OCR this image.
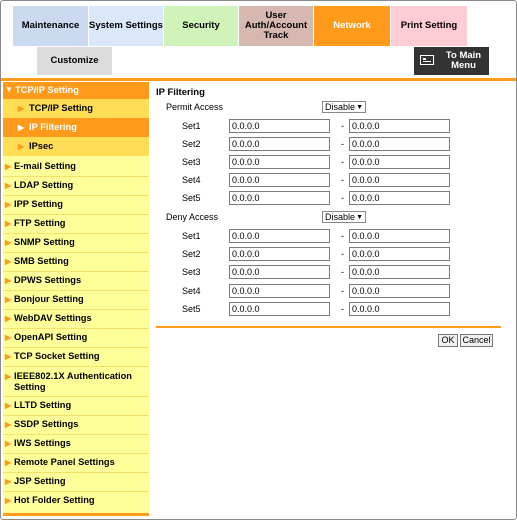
Maintenance System Settings Security
User
Auth/Account
Track
Network	Print Setting
Customize	To Main
Menu
▼ TCP/IP Setting
▶ TCP/IP Setting
▶ IP Filtering
▶ IPsec
▶ E-mail Setting
▶ LDAP Setting
▶ IPP Setting
▶ FTP Setting
▶ SNMP Setting
▶ SMB Setting
▶ DPWS Settings
▶ Bonjour Setting
▶ WebDAV Settings
▶ OpenAPI Setting
▶ TCP Socket Setting
▶ IEEE802.1X Authentication Setting
▶ LLTD Setting
▶ SSDP Settings
▶ IWS Settings
▶ Remote Panel Settings
▶ JSP Setting
▶ Hot Folder Setting
IP Filtering
Permit Access	Disable ▼
Set1	0.0.0.0	- 0.0.0.0
Set2	0.0.0.0	- 0.0.0.0
Set3	0.0.0.0	- 0.0.0.0
Set4	0.0.0.0	- 0.0.0.0
Set5	0.0.0.0	- 0.0.0.0
Deny Access	Disable ▼
Set1	0.0.0.0	- 0.0.0.0
Set2	0.0.0.0	- 0.0.0.0
Set3	0.0.0.0	- 0.0.0.0
Set4	0.0.0.0	- 0.0.0.0
Set5	0.0.0.0	- 0.0.0.0
OK Cancel
